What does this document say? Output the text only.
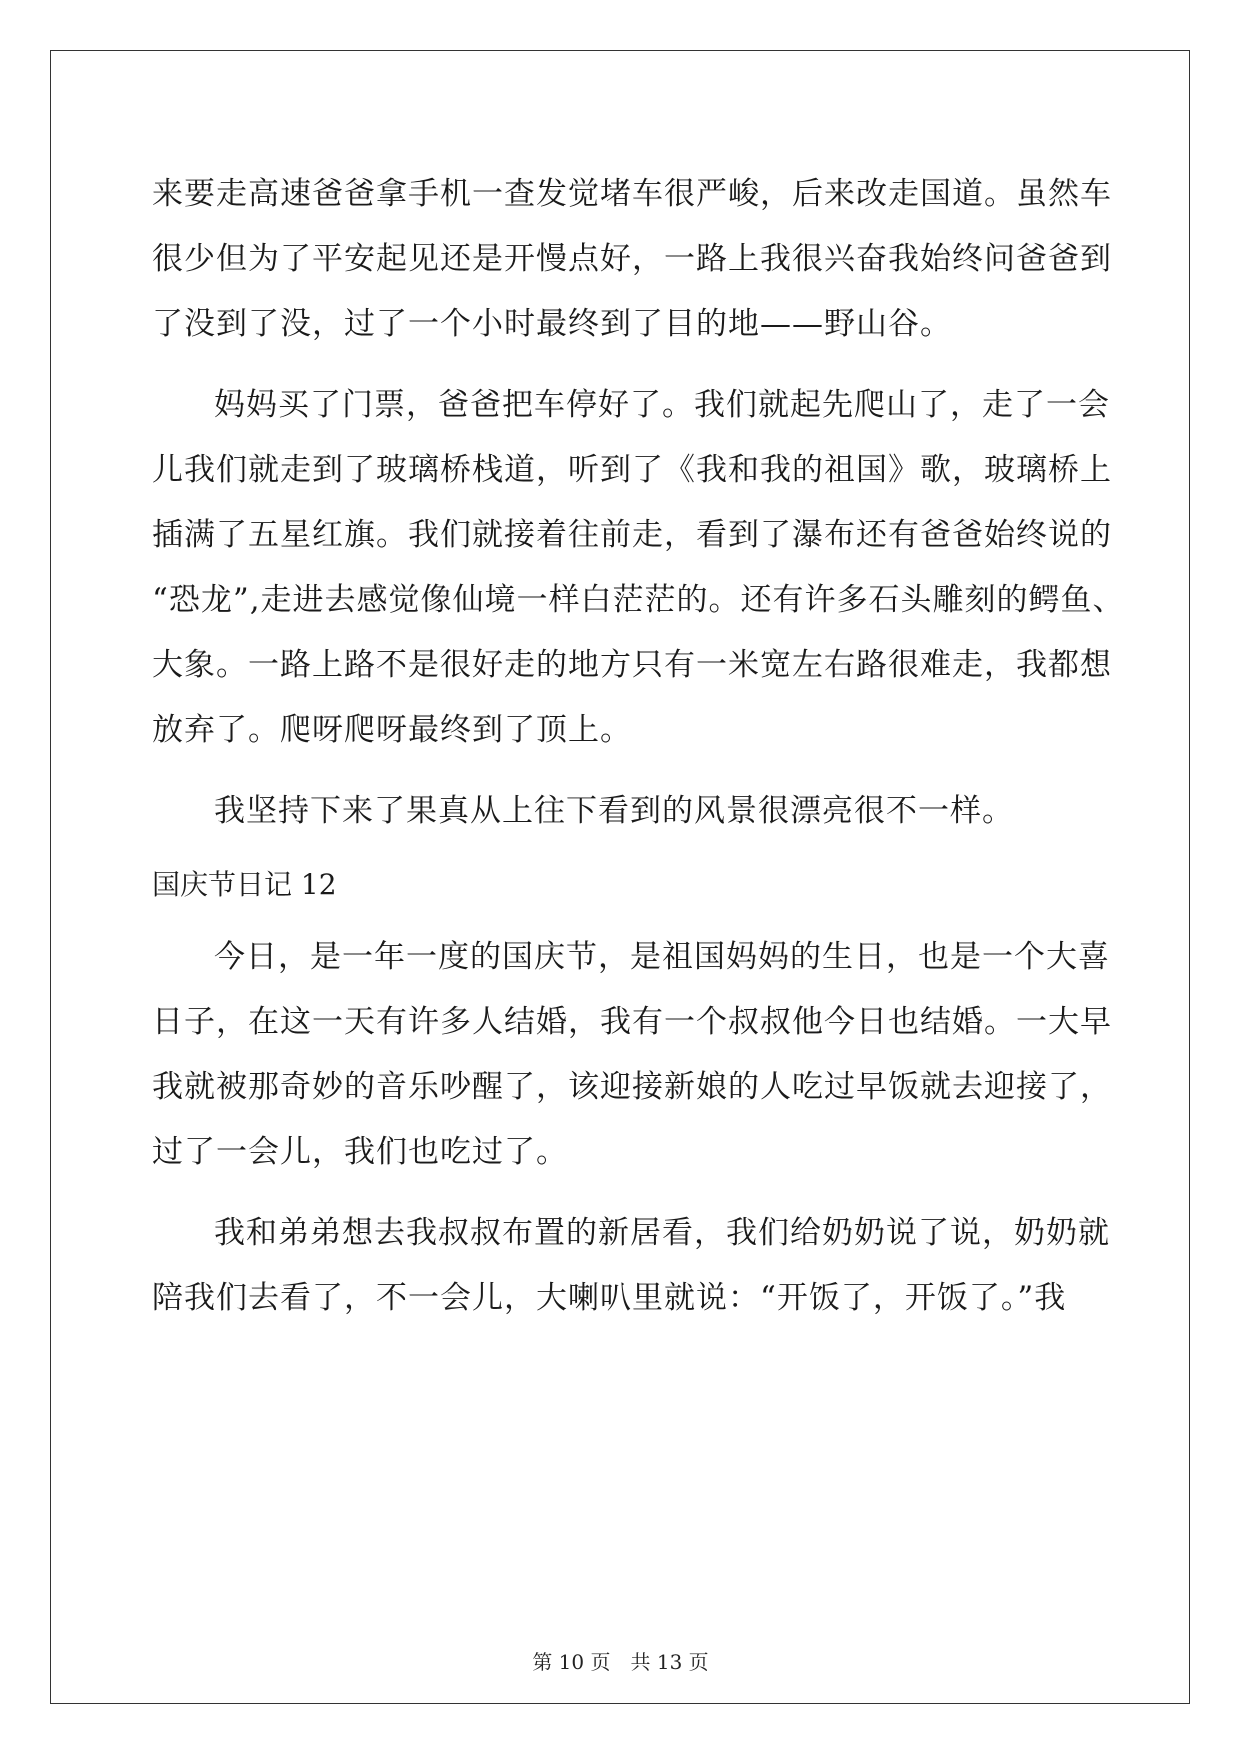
来要走高速爸爸拿手机一查发觉堵车很严峻，后来改走国道。虽然车
很少但为了平安起见还是开慢点好，一路上我很兴奋我始终问爸爸到
了没到了没，过了一个小时最终到了目的地——野山谷。
妈妈买了门票，爸爸把车停好了。我们就起先爬山了，走了一会
儿我们就走到了玻璃桥栈道，听到了《我和我的祖国》歌，玻璃桥上
插满了五星红旗。我们就接着往前走，看到了瀑布还有爸爸始终说的
“恐龙”,走进去感觉像仙境一样白茫茫的。还有许多石头雕刻的鳄鱼、
大象。一路上路不是很好走的地方只有一米宽左右路很难走，我都想
放弃了。爬呀爬呀最终到了顶上。
我坚持下来了果真从上往下看到的风景很漂亮很不一样。
国庆节日记 12
今日，是一年一度的国庆节，是祖国妈妈的生日，也是一个大喜
日子，在这一天有许多人结婚，我有一个叔叔他今日也结婚。一大早
我就被那奇妙的音乐吵醒了，该迎接新娘的人吃过早饭就去迎接了，
过了一会儿，我们也吃过了。
我和弟弟想去我叔叔布置的新居看，我们给奶奶说了说，奶奶就
陪我们去看了，不一会儿，大喇叭里就说：“开饭了，开饭了。”我
第 10 页　共 13 页
